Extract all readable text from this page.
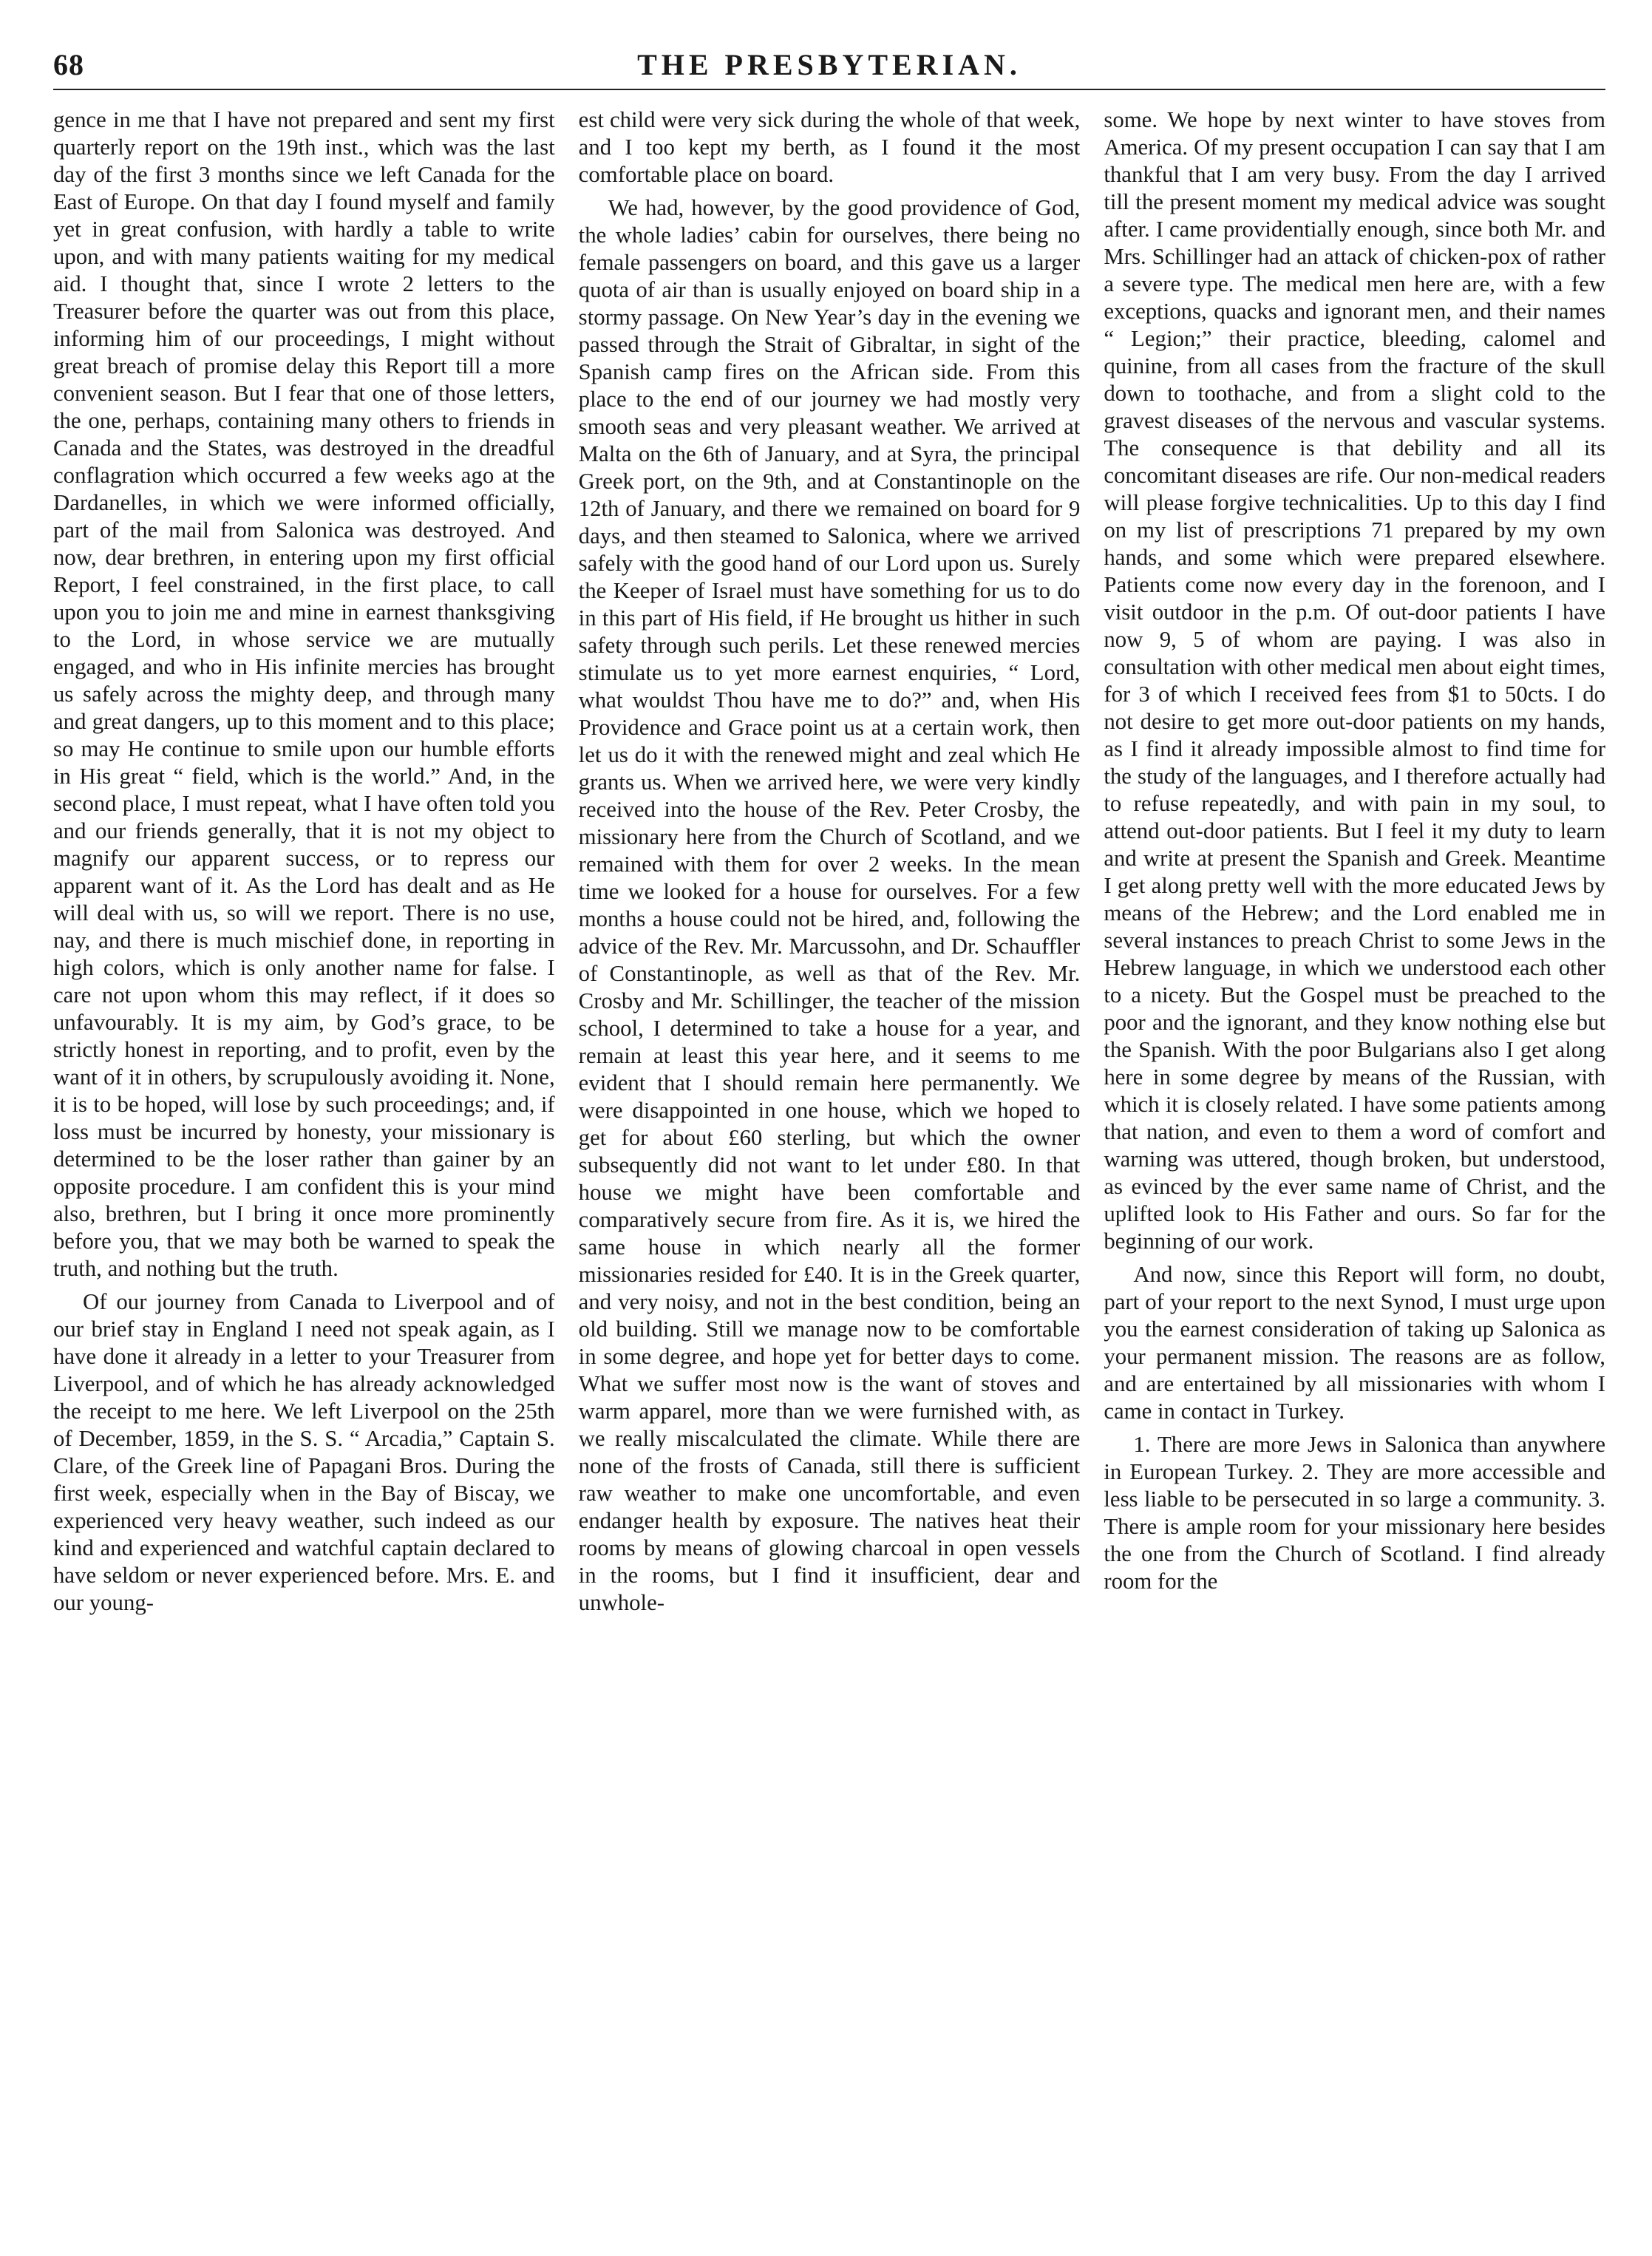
68	THE PRESBYTERIAN.

gence in me that I have not prepared and sent my first quarterly report on the 19th inst., which was the last day of the first 3 months since we left Canada for the East of Europe. On that day I found myself and family yet in great confusion, with hardly a table to write upon, and with many patients waiting for my medical aid. I thought that, since I wrote 2 letters to the Treasurer before the quarter was out from this place, informing him of our proceedings, I might without great breach of promise delay this Report till a more convenient season. But I fear that one of those letters, the one, perhaps, containing many others to friends in Canada and the States, was destroyed in the dreadful conflagration which occurred a few weeks ago at the Dardanelles, in which we were informed officially, part of the mail from Salonica was destroyed. And now, dear brethren, in entering upon my first official Report, I feel constrained, in the first place, to call upon you to join me and mine in earnest thanksgiving to the Lord, in whose service we are mutually engaged, and who in His infinite mercies has brought us safely across the mighty deep, and through many and great dangers, up to this moment and to this place; so may He continue to smile upon our humble efforts in His great “ field, which is the world.” And, in the second place, I must repeat, what I have often told you and our friends generally, that it is not my object to magnify our apparent success, or to repress our apparent want of it. As the Lord has dealt and as He will deal with us, so will we report. There is no use, nay, and there is much mischief done, in reporting in high colors, which is only another name for false. I care not upon whom this may reflect, if it does so unfavourably. It is my aim, by God’s grace, to be strictly honest in reporting, and to profit, even by the want of it in others, by scrupulously avoiding it. None, it is to be hoped, will lose by such proceedings; and, if loss must be incurred by honesty, your missionary is determined to be the loser rather than gainer by an opposite procedure. I am confident this is your mind also, brethren, but I bring it once more prominently before you, that we may both be warned to speak the truth, and nothing but the truth.

Of our journey from Canada to Liverpool and of our brief stay in England I need not speak again, as I have done it already in a letter to your Treasurer from Liverpool, and of which he has already acknowledged the receipt to me here. We left Liverpool on the 25th of December, 1859, in the S. S. “ Arcadia,” Captain S. Clare, of the Greek line of Papagani Bros. During the first week, especially when in the Bay of Biscay, we experienced very heavy weather, such indeed as our kind and experienced and watchful captain declared to have seldom or never experienced before. Mrs. E. and our young-

est child were very sick during the whole of that week, and I too kept my berth, as I found it the most comfortable place on board.

We had, however, by the good providence of God, the whole ladies’ cabin for ourselves, there being no female passengers on board, and this gave us a larger quota of air than is usually enjoyed on board ship in a stormy passage. On New Year’s day in the evening we passed through the Strait of Gibraltar, in sight of the Spanish camp fires on the African side. From this place to the end of our journey we had mostly very smooth seas and very pleasant weather. We arrived at Malta on the 6th of January, and at Syra, the principal Greek port, on the 9th, and at Constantinople on the 12th of January, and there we remained on board for 9 days, and then steamed to Salonica, where we arrived safely with the good hand of our Lord upon us. Surely the Keeper of Israel must have something for us to do in this part of His field, if He brought us hither in such safety through such perils. Let these renewed mercies stimulate us to yet more earnest enquiries, “ Lord, what wouldst Thou have me to do?” and, when His Providence and Grace point us at a certain work, then let us do it with the renewed might and zeal which He grants us. When we arrived here, we were very kindly received into the house of the Rev. Peter Crosby, the missionary here from the Church of Scotland, and we remained with them for over 2 weeks. In the mean time we looked for a house for ourselves. For a few months a house could not be hired, and, following the advice of the Rev. Mr. Marcussohn, and Dr. Schauffler of Constantinople, as well as that of the Rev. Mr. Crosby and Mr. Schillinger, the teacher of the mission school, I determined to take a house for a year, and remain at least this year here, and it seems to me evident that I should remain here permanently. We were disappointed in one house, which we hoped to get for about £60 sterling, but which the owner subsequently did not want to let under £80. In that house we might have been comfortable and comparatively secure from fire. As it is, we hired the same house in which nearly all the former missionaries resided for £40. It is in the Greek quarter, and very noisy, and not in the best condition, being an old building. Still we manage now to be comfortable in some degree, and hope yet for better days to come. What we suffer most now is the want of stoves and warm apparel, more than we were furnished with, as we really miscalculated the climate. While there are none of the frosts of Canada, still there is sufficient raw weather to make one uncomfortable, and even endanger health by exposure. The natives heat their rooms by means of glowing charcoal in open vessels in the rooms, but I find it insufficient, dear and unwhole-

some. We hope by next winter to have stoves from America. Of my present occupation I can say that I am thankful that I am very busy. From the day I arrived till the present moment my medical advice was sought after. I came providentially enough, since both Mr. and Mrs. Schillinger had an attack of chicken-pox of rather a severe type. The medical men here are, with a few exceptions, quacks and ignorant men, and their names “ Legion;” their practice, bleeding, calomel and quinine, from all cases from the fracture of the skull down to toothache, and from a slight cold to the gravest diseases of the nervous and vascular systems. The consequence is that debility and all its concomitant diseases are rife. Our non-medical readers will please forgive technicalities. Up to this day I find on my list of prescriptions 71 prepared by my own hands, and some which were prepared elsewhere. Patients come now every day in the forenoon, and I visit outdoor in the p.m. Of out-door patients I have now 9, 5 of whom are paying. I was also in consultation with other medical men about eight times, for 3 of which I received fees from $1 to 50cts. I do not desire to get more out-door patients on my hands, as I find it already impossible almost to find time for the study of the languages, and I therefore actually had to refuse repeatedly, and with pain in my soul, to attend out-door patients. But I feel it my duty to learn and write at present the Spanish and Greek. Meantime I get along pretty well with the more educated Jews by means of the Hebrew; and the Lord enabled me in several instances to preach Christ to some Jews in the Hebrew language, in which we understood each other to a nicety. But the Gospel must be preached to the poor and the ignorant, and they know nothing else but the Spanish. With the poor Bulgarians also I get along here in some degree by means of the Russian, with which it is closely related. I have some patients among that nation, and even to them a word of comfort and warning was uttered, though broken, but understood, as evinced by the ever same name of Christ, and the uplifted look to His Father and ours. So far for the beginning of our work.

And now, since this Report will form, no doubt, part of your report to the next Synod, I must urge upon you the earnest consideration of taking up Salonica as your permanent mission. The reasons are as follow, and are entertained by all missionaries with whom I came in contact in Turkey.

1. There are more Jews in Salonica than anywhere in European Turkey. 2. They are more accessible and less liable to be persecuted in so large a community. 3. There is ample room for your missionary here besides the one from the Church of Scotland. I find already room for the
